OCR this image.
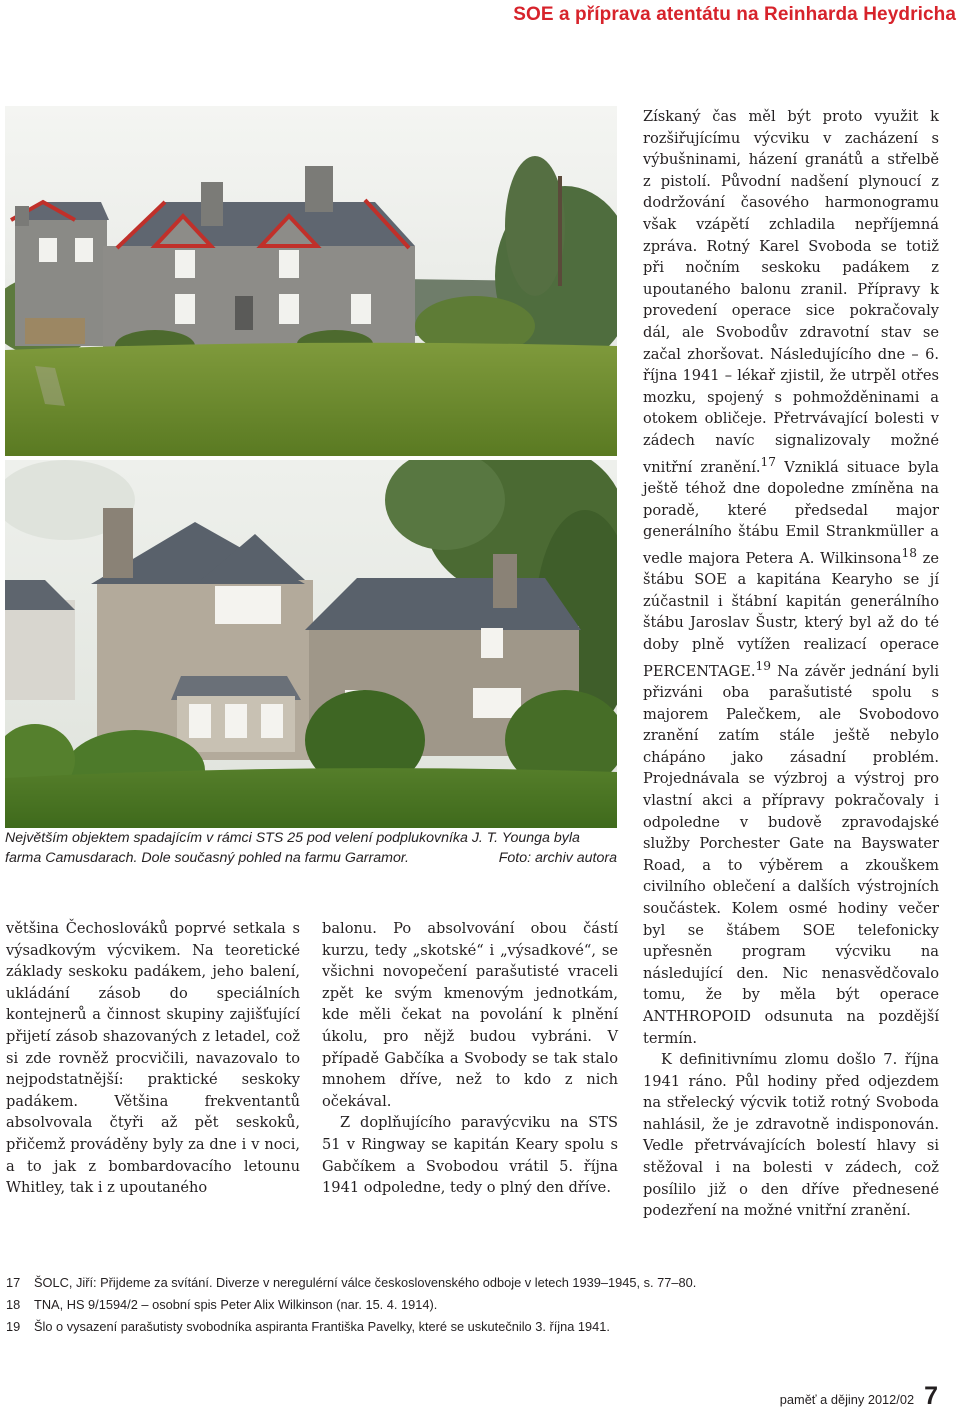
SOE a příprava atentátu na Reinharda Heydricha
Největším objektem spadajícím v rámci STS 25 pod velení podplukovníka J. T. Younga byla farma Camusdarach. Dole současný pohled na farmu Garramor.	Foto: archiv autora

většina Čechoslováků poprvé setkala s výsadkovým výcvikem. Na teoretické základy seskoku padákem, jeho balení, ukládání zásob do speciálních kontejnerů a činnost skupiny zajišťující přijetí zásob shazovaných z letadel, což si zde rovněž procvičili, navazovalo to nejpodstatnější: praktické seskoky padákem. Většina frekventantů absolvovala čtyři až pět seskoků, přičemž prováděny byly za dne i v noci, a to jak z bombardovacího letounu Whitley, tak i z upoutaného

balonu. Po absolvování obou částí kurzu, tedy „skotské“ i „výsadkové“, se všichni novopečení parašutisté vraceli zpět ke svým kmenovým jednotkám, kde měli čekat na povolání k plnění úkolu, pro nějž budou vybráni. V případě Gabčíka a Svobody se tak stalo mnohem dříve, než to kdo z nich očekával.

Z doplňujícího paravýcviku na STS 51 v Ringway se kapitán Keary spolu s Gabčíkem a Svobodou vrátil 5. října 1941 odpoledne, tedy o plný den dříve.

Získaný čas měl být proto využit k rozšiřujícímu výcviku v zacházení s výbušninami, házení granátů a střelbě z pistolí. Původní nadšení plynoucí z dodržování časového harmonogramu však vzápětí zchladila nepříjemná zpráva. Rotný Karel Svoboda se totiž při nočním seskoku padákem z upoutaného balonu zranil. Přípravy k provedení operace sice pokračovaly dál, ale Svobodův zdravotní stav se začal zhoršovat. Následujícího dne – 6. října 1941 – lékař zjistil, že utrpěl otřes mozku, spojený s pohmožděninami a otokem obličeje. Přetrvávající bolesti v zádech navíc signalizovaly možné vnitřní zranění.$^{17}$ Vzniklá situace byla ještě téhož dne dopoledne zmíněna na poradě, které předsedal major generálního štábu Emil Strankmüller a vedle majora Petera A. Wilkinsona$^{18}$ ze štábu SOE a kapitána Kearyho se jí zúčastnil i štábní kapitán generálního štábu Jaroslav Šustr, který byl až do té doby plně vytížen realizací operace PERCENTAGE.$^{19}$ Na závěr jednání byli přizváni oba parašutisté spolu s majorem Palečkem, ale Svobodovo zranění zatím stále ještě nebylo chápáno jako zásadní problém. Projednávala se výzbroj a výstroj pro vlastní akci a přípravy pokračovaly i odpoledne v budově zpravodajské služby Porchester Gate na Bayswater Road, a to výběrem a zkouškem civilního oblečení a dalších výstrojních součástek. Kolem osmé hodiny večer byl se štábem SOE telefonicky upřesněn program výcviku na následující den. Nic nenasvědčovalo tomu, že by měla být operace ANTHROPOID odsunuta na pozdější termín.

K definitivnímu zlomu došlo 7. října 1941 ráno. Půl hodiny před odjezdem na střelecký výcvik totiž rotný Svoboda nahlásil, že je zdravotně indisponován. Vedle přetrvávajících bolestí hlavy si stěžoval i na bolesti v zádech, což posílilo již o den dříve přednesené podezření na možné vnitřní zranění.

17	ŠOLC, Jiří: Přijdeme za svítání. Diverze v neregulérní válce československého odboje v letech 1939–1945, s. 77–80.
18	TNA, HS 9/1594/2 – osobní spis Peter Alix Wilkinson (nar. 15. 4. 1914).
19	Šlo o vysazení parašutisty svobodníka aspiranta Františka Pavelky, které se uskutečnilo 3. října 1941.
paměť a dějiny 2012/02 7
